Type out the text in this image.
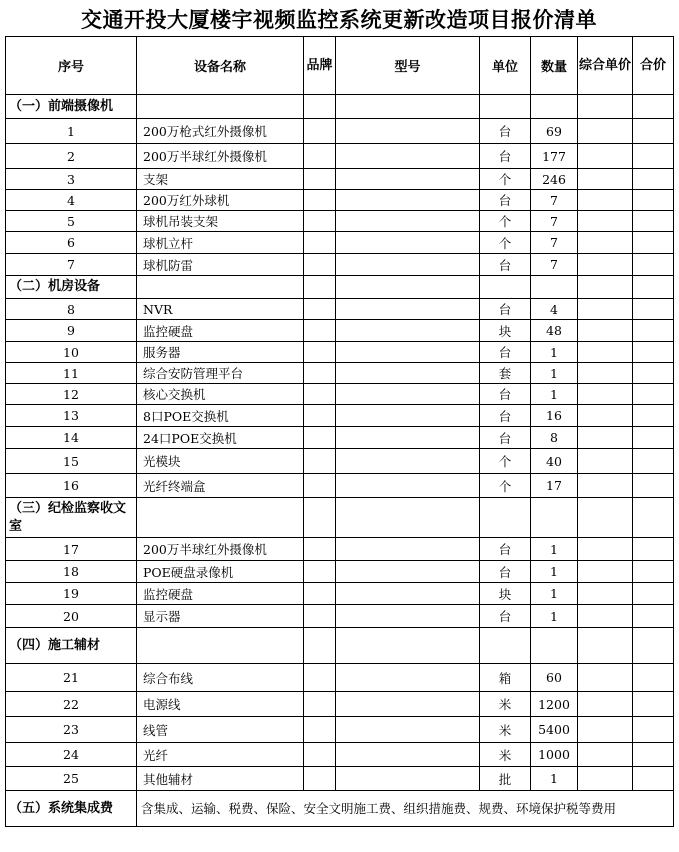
交通开投大厦楼宇视频监控系统更新改造项目报价清单
序号	设备名称	品牌	型号	单位	数量	综合单价	合价
（一）前端摄像机							
1	200万枪式红外摄像机			台	69		
2	200万半球红外摄像机			台	177		
3	支架			个	246		
4	200万红外球机			台	7		
5	球机吊装支架			个	7		
6	球机立杆			个	7		
7	球机防雷			台	7		
（二）机房设备							
8	NVR			台	4		
9	监控硬盘			块	48		
10	服务器			台	1		
11	综合安防管理平台			套	1		
12	核心交换机			台	1		
13	8口POE交换机			台	16		
14	24口POE交换机			台	8		
15	光模块			个	40		
16	光纤终端盒			个	17		
（三）纪检监察收文室							
17	200万半球红外摄像机			台	1		
18	POE硬盘录像机			台	1		
19	监控硬盘			块	1		
20	显示器			台	1		
（四）施工辅材							
21	综合布线			箱	60		
22	电源线			米	1200		
23	线管			米	5400		
24	光纤			米	1000		
25	其他辅材			批	1		
（五）系统集成费	含集成、运输、税费、保险、安全文明施工费、组织措施费、规费、环境保护税等费用						
